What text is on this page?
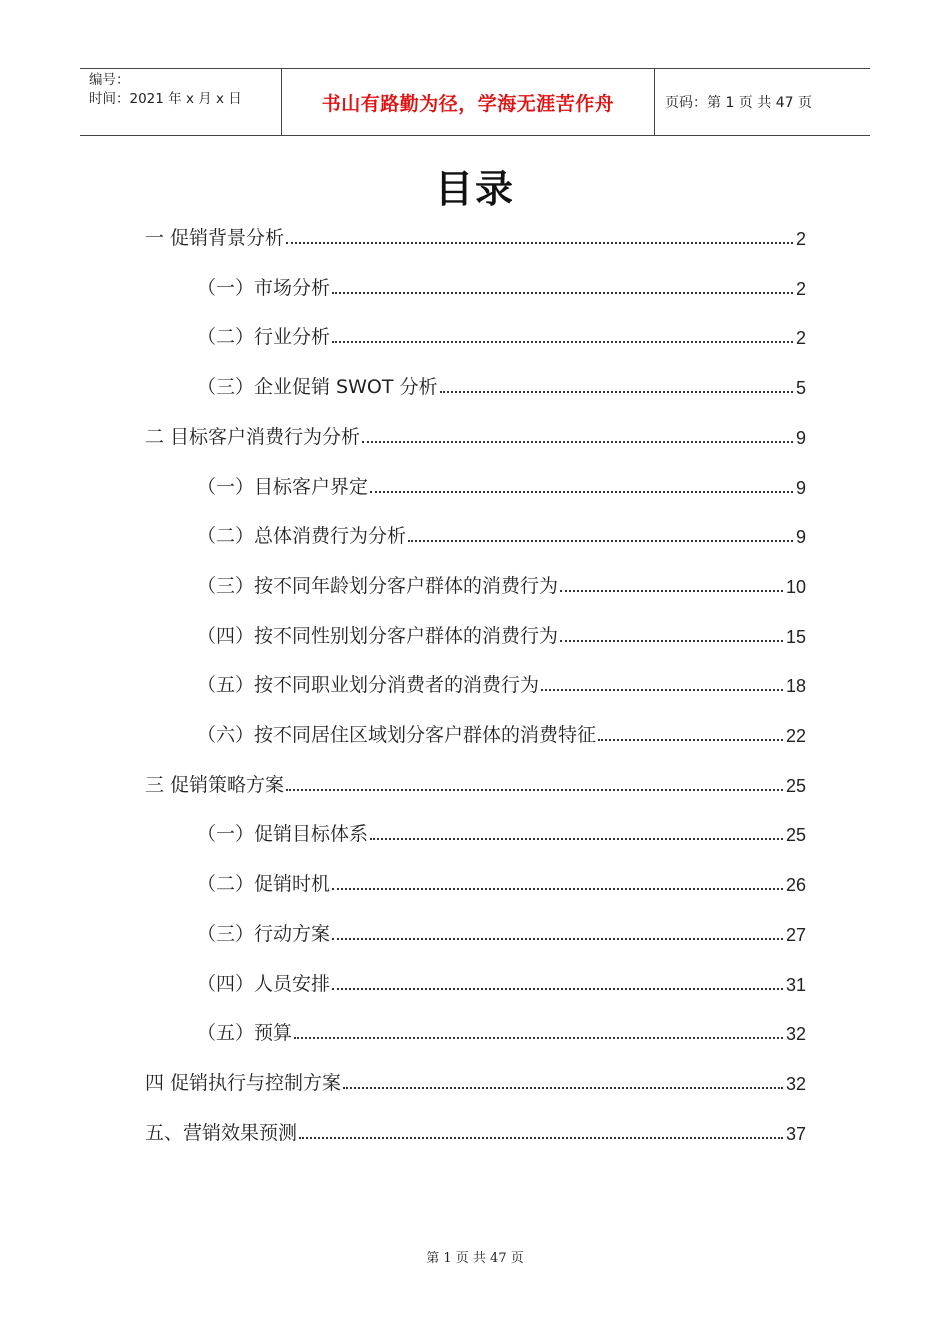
编号：
时间：2021 年 x 月 x 日	书山有路勤为径，学海无涯苦作舟	页码：第 1 页 共 47 页
目录
一 促销背景分析	2
（一）市场分析	2
（二）行业分析	2
（三）企业促销 SWOT 分析	5
二 目标客户消费行为分析	9
（一）目标客户界定	9
（二）总体消费行为分析	9
（三）按不同年龄划分客户群体的消费行为	10
（四）按不同性别划分客户群体的消费行为	15
（五）按不同职业划分消费者的消费行为	18
（六）按不同居住区域划分客户群体的消费特征	22
三 促销策略方案	25
（一）促销目标体系	25
（二）促销时机	26
（三）行动方案	27
（四）人员安排	31
（五）预算	32
四 促销执行与控制方案	32
五、营销效果预测	37
第 1 页 共 47 页
